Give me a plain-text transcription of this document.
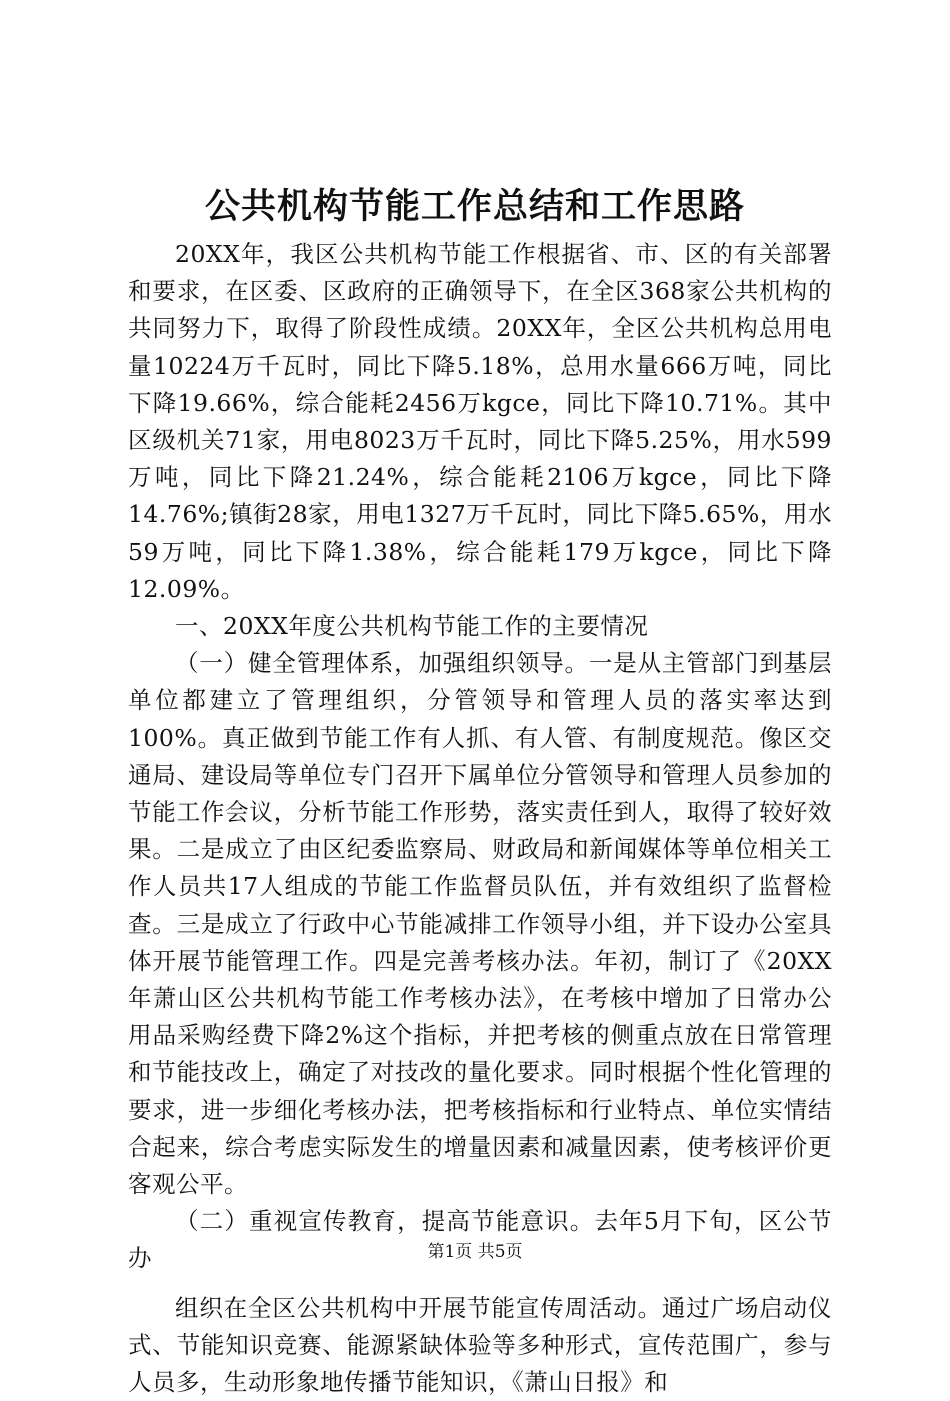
公共机构节能工作总结和工作思路

20XX年，我区公共机构节能工作根据省、市、区的有关部署和要求，在区委、区政府的正确领导下，在全区368家公共机构的共同努力下，取得了阶段性成绩。20XX年，全区公共机构总用电量10224万千瓦时，同比下降5.18%，总用水量666万吨，同比下降19.66%，综合能耗2456万kgce，同比下降10.71%。其中区级机关71家，用电8023万千瓦时，同比下降5.25%，用水599万吨，同比下降21.24%，综合能耗2106万kgce，同比下降14.76%;镇街28家，用电1327万千瓦时，同比下降5.65%，用水59万吨，同比下降1.38%，综合能耗179万kgce，同比下降12.09%。

一、20XX年度公共机构节能工作的主要情况

（一）健全管理体系，加强组织领导。一是从主管部门到基层单位都建立了管理组织，分管领导和管理人员的落实率达到100%。真正做到节能工作有人抓、有人管、有制度规范。像区交通局、建设局等单位专门召开下属单位分管领导和管理人员参加的节能工作会议，分析节能工作形势，落实责任到人，取得了较好效果。二是成立了由区纪委监察局、财政局和新闻媒体等单位相关工作人员共17人组成的节能工作监督员队伍，并有效组织了监督检查。三是成立了行政中心节能减排工作领导小组，并下设办公室具体开展节能管理工作。四是完善考核办法。年初，制订了《20XX年萧山区公共机构节能工作考核办法》，在考核中增加了日常办公用品采购经费下降2%这个指标，并把考核的侧重点放在日常管理和节能技改上，确定了对技改的量化要求。同时根据个性化管理的要求，进一步细化考核办法，把考核指标和行业特点、单位实情结合起来，综合考虑实际发生的增量因素和减量因素，使考核评价更客观公平。

（二）重视宣传教育，提高节能意识。去年5月下旬，区公节办

组织在全区公共机构中开展节能宣传周活动。通过广场启动仪式、节能知识竞赛、能源紧缺体验等多种形式，宣传范围广，参与人员多，生动形象地传播节能知识，《萧山日报》和

第1页 共5页
